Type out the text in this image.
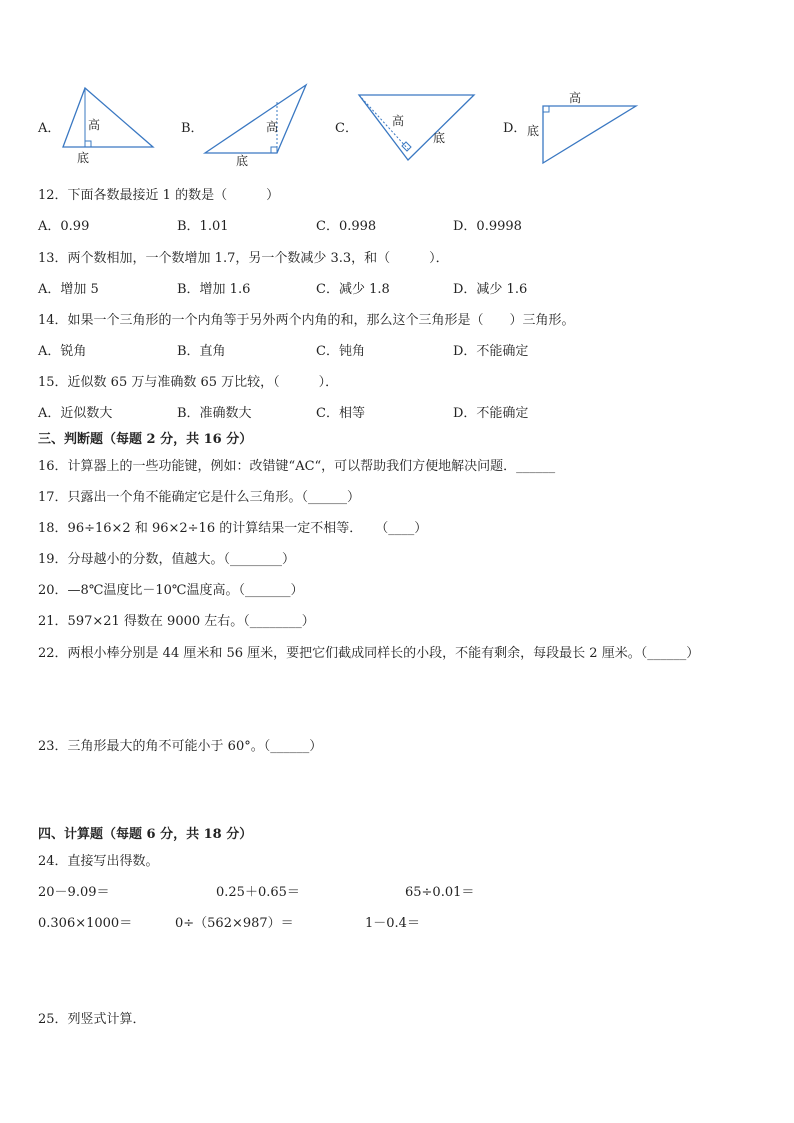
A． 高
底
B．	高
底
C．	高
底
D．
高
底
12．下面各数最接近 1 的数是（　　　）
A．0.99	B．1.01	C．0.998	D．0.9998
13．两个数相加，一个数增加 1.7，另一个数减少 3.3，和（　　　）．
A．增加 5	B．增加 1.6	C．减少 1.8	D．减少 1.6
14．如果一个三角形的一个内角等于另外两个内角的和，那么这个三角形是（　　）三角形。
A．锐角	B．直角	C．钝角	D．不能确定
15．近似数 65 万与准确数 65 万比较，（　　　）．
A．近似数大	B．准确数大	C．相等	D．不能确定
三、判断题（每题 2 分，共 16 分）
16．计算器上的一些功能键，例如：改错键“AC“，可以帮助我们方便地解决问题．______
17．只露出一个角不能确定它是什么三角形。（______）
18．96÷16×2 和 96×2÷16 的计算结果一定不相等．　　（____）
19．分母越小的分数，值越大。（________）
20．—8℃温度比－10℃温度高。（_______）
21．597×21 得数在 9000 左右。（________）
22．两根小棒分别是 44 厘米和 56 厘米，要把它们截成同样长的小段，不能有剩余，每段最长 2 厘米。（______）
23．三角形最大的角不可能小于 60°。（______）
四、计算题（每题 6 分，共 18 分）
24．直接写出得数。
20－9.09＝	0.25＋0.65＝	65÷0.01＝
0.306×1000＝	0÷（562×987）＝	1－0.4＝
25．列竖式计算．
